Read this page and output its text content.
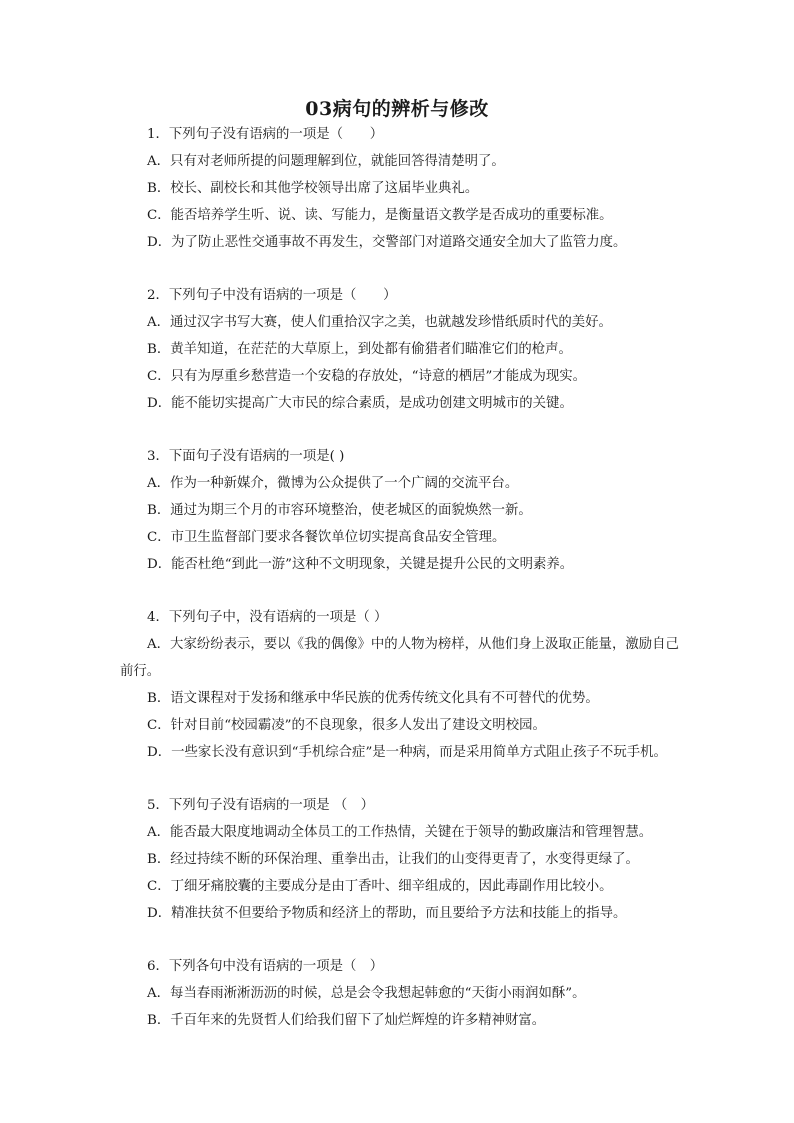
03病句的辨析与修改
1．下列句子没有语病的一项是（　　）
A．只有对老师所提的问题理解到位，就能回答得清楚明了。
B．校长、副校长和其他学校领导出席了这届毕业典礼。
C．能否培养学生听、说、读、写能力，是衡量语文教学是否成功的重要标准。
D．为了防止恶性交通事故不再发生，交警部门对道路交通安全加大了监管力度。
2．下列句子中没有语病的一项是（　　）
A．通过汉字书写大赛，使人们重拾汉字之美，也就越发珍惜纸质时代的美好。
B．黄羊知道，在茫茫的大草原上，到处都有偷猎者们瞄准它们的枪声。
C．只有为厚重乡愁营造一个安稳的存放处，“诗意的栖居”才能成为现实。
D．能不能切实提高广大市民的综合素质，是成功创建文明城市的关键。
3．下面句子没有语病的一项是( )
A．作为一种新媒介，微博为公众提供了一个广阔的交流平台。
B．通过为期三个月的市容环境整治，使老城区的面貌焕然一新。
C．市卫生监督部门要求各餐饮单位切实提高食品安全管理。
D．能否杜绝“到此一游”这种不文明现象，关键是提升公民的文明素养。
4．下列句子中，没有语病的一项是（ ）
A．大家纷纷表示，要以《我的偶像》中的人物为榜样，从他们身上汲取正能量，激励自己前行。
B．语文课程对于发扬和继承中华民族的优秀传统文化具有不可替代的优势。
C．针对目前“校园霸凌”的不良现象，很多人发出了建设文明校园。
D．一些家长没有意识到“手机综合症”是一种病，而是采用简单方式阻止孩子不玩手机。
5．下列句子没有语病的一项是 （　）
A．能否最大限度地调动全体员工的工作热情，关键在于领导的勤政廉洁和管理智慧。
B．经过持续不断的环保治理、重拳出击，让我们的山变得更青了，水变得更绿了。
C．丁细牙痛胶囊的主要成分是由丁香叶、细辛组成的，因此毒副作用比较小。
D．精准扶贫不但要给予物质和经济上的帮助，而且要给予方法和技能上的指导。
6．下列各句中没有语病的一项是（　）
A．每当春雨淅淅沥沥的时候，总是会令我想起韩愈的“天街小雨润如酥”。
B．千百年来的先贤哲人们给我们留下了灿烂辉煌的许多精神财富。
